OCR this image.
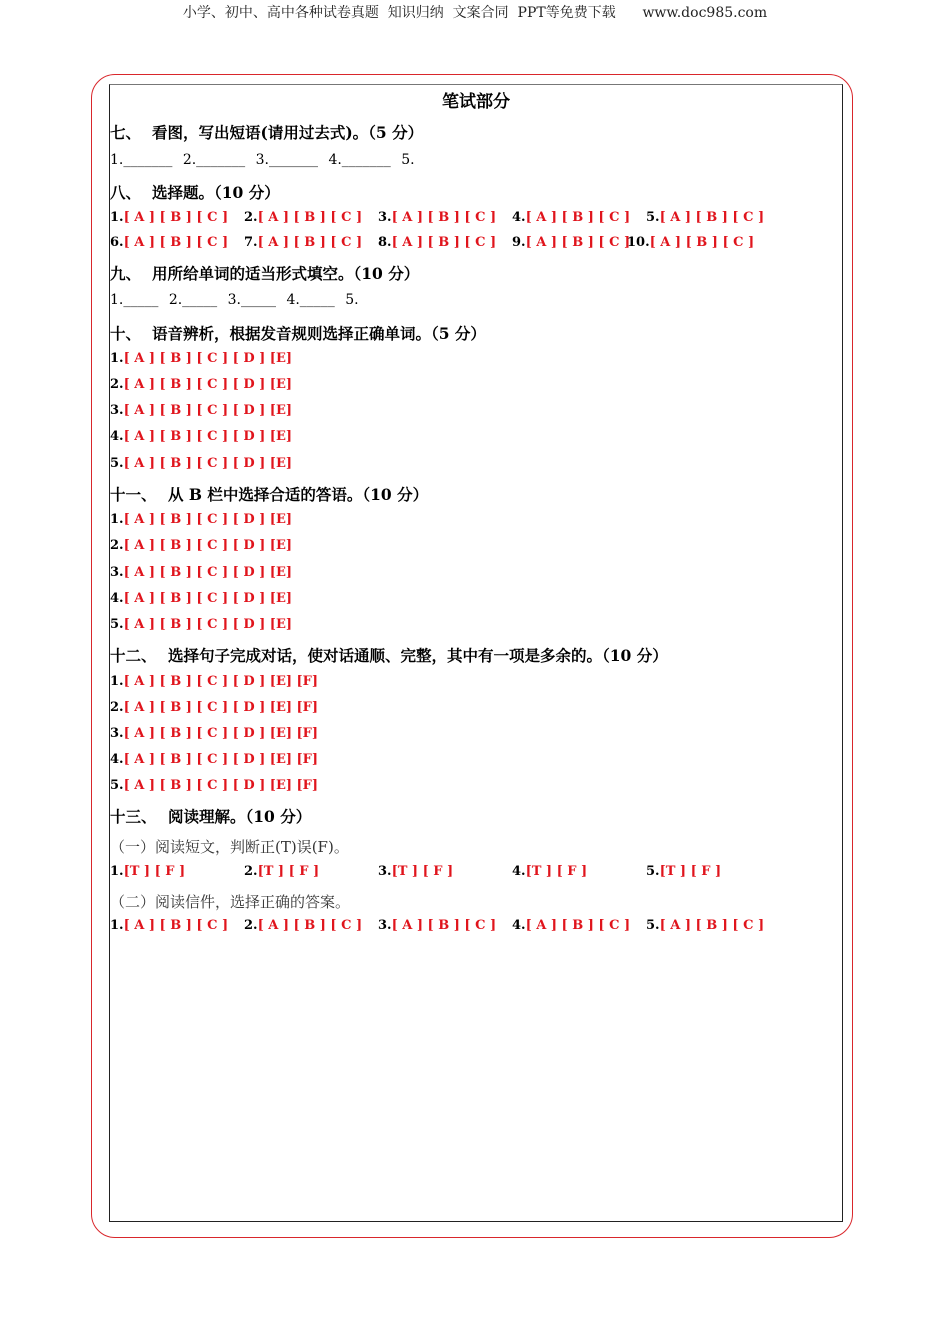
小学、初中、高中各种试卷真题  知识归纳  文案合同  PPT等免费下载      www.doc985.com
笔试部分
七、 看图，写出短语(请用过去式)。（5 分）
1._______ 2._______ 3._______ 4._______ 5.
八、 选择题。（10 分）
1.[ A ] [ B ] [ C ] 2.[ A ] [ B ] [ C ] 3.[ A ] [ B ] [ C ] 4.[ A ] [ B ] [ C ] 5.[ A ] [ B ] [ C ]
6.[ A ] [ B ] [ C ] 7.[ A ] [ B ] [ C ] 8.[ A ] [ B ] [ C ] 9.[ A ] [ B ] [ C ]
10.[ A ] [ B ] [ C ]
九、 用所给单词的适当形式填空。（10 分）
1._____ 2._____ 3._____ 4._____ 5.
十、 语音辨析，根据发音规则选择正确单词。（5 分）
1.[ A ] [ B ] [ C ] [ D ] [E]
2.[ A ] [ B ] [ C ] [ D ] [E]
3.[ A ] [ B ] [ C ] [ D ] [E]
4.[ A ] [ B ] [ C ] [ D ] [E]
5.[ A ] [ B ] [ C ] [ D ] [E]
十一、 从 B 栏中选择合适的答语。（10 分）
1.[ A ] [ B ] [ C ] [ D ] [E]
2.[ A ] [ B ] [ C ] [ D ] [E]
3.[ A ] [ B ] [ C ] [ D ] [E]
4.[ A ] [ B ] [ C ] [ D ] [E]
5.[ A ] [ B ] [ C ] [ D ] [E]
十二、 选择句子完成对话，使对话通顺、完整，其中有一项是多余的。（10 分）
1.[ A ] [ B ] [ C ] [ D ] [E] [F]
2.[ A ] [ B ] [ C ] [ D ] [E] [F]
3.[ A ] [ B ] [ C ] [ D ] [E] [F]
4.[ A ] [ B ] [ C ] [ D ] [E] [F]
5.[ A ] [ B ] [ C ] [ D ] [E] [F]
十三、 阅读理解。（10 分）
（一）阅读短文，判断正(T)误(F)。
1.[T ] [ F ]	2.[T ] [ F ]	3.[T ] [ F ]	4.[T ] [ F ]	5.[T ] [ F ]
（二）阅读信件，选择正确的答案。
1.[ A ] [ B ] [ C ] 2.[ A ] [ B ] [ C ] 3.[ A ] [ B ] [ C ] 4.[ A ] [ B ] [ C ] 5.[ A ] [ B ] [ C ]
